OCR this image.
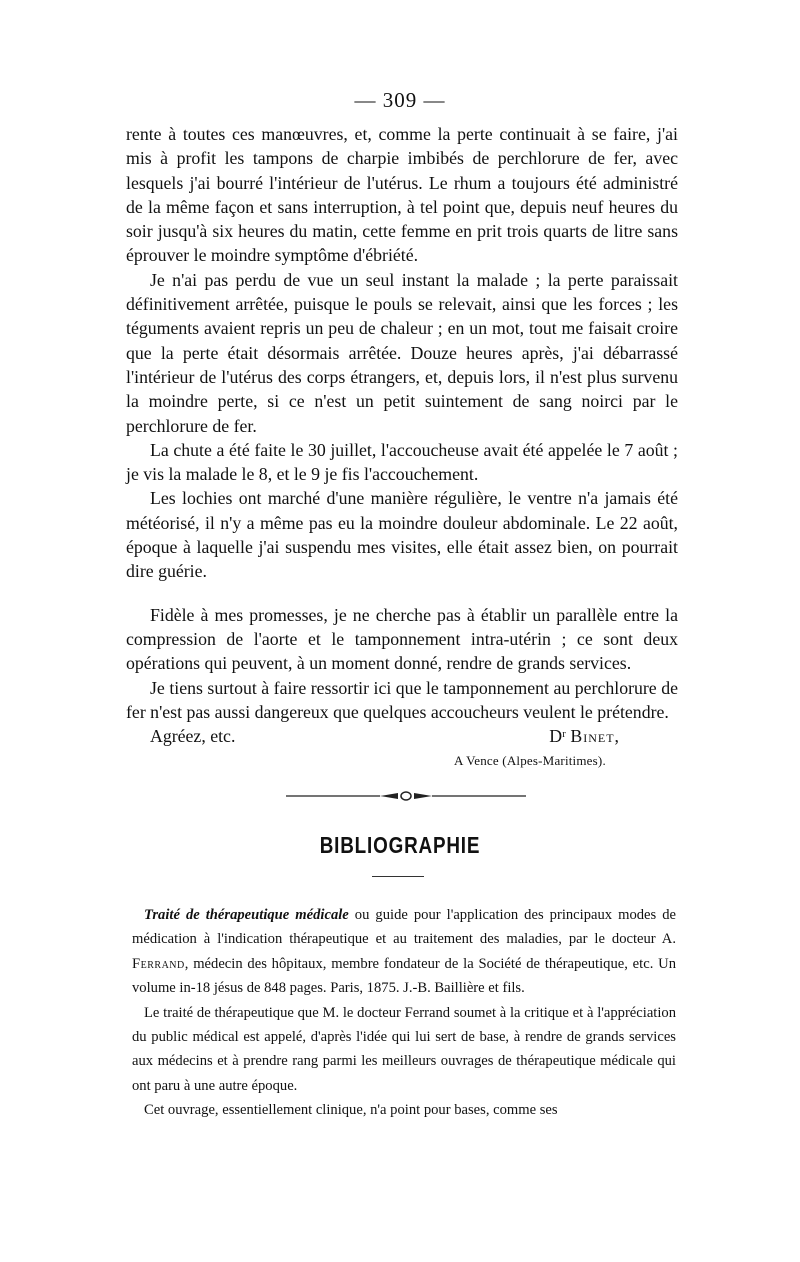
— 309 —

rente à toutes ces manœuvres, et, comme la perte continuait à se faire, j'ai mis à profit les tampons de charpie imbibés de perchlorure de fer, avec lesquels j'ai bourré l'intérieur de l'utérus. Le rhum a toujours été administré de la même façon et sans interruption, à tel point que, depuis neuf heures du soir jusqu'à six heures du matin, cette femme en prit trois quarts de litre sans éprouver le moindre symptôme d'ébriété.

Je n'ai pas perdu de vue un seul instant la malade ; la perte paraissait définitivement arrêtée, puisque le pouls se relevait, ainsi que les forces ; les téguments avaient repris un peu de chaleur ; en un mot, tout me faisait croire que la perte était désormais arrêtée. Douze heures après, j'ai débarrassé l'intérieur de l'utérus des corps étrangers, et, depuis lors, il n'est plus survenu la moindre perte, si ce n'est un petit suintement de sang noirci par le perchlorure de fer.

La chute a été faite le 30 juillet, l'accoucheuse avait été appelée le 7 août ; je vis la malade le 8, et le 9 je fis l'accouchement.

Les lochies ont marché d'une manière régulière, le ventre n'a jamais été météorisé, il n'y a même pas eu la moindre douleur abdominale. Le 22 août, époque à laquelle j'ai suspendu mes visites, elle était assez bien, on pourrait dire guérie.

Fidèle à mes promesses, je ne cherche pas à établir un parallèle entre la compression de l'aorte et le tamponnement intra-utérin ; ce sont deux opérations qui peuvent, à un moment donné, rendre de grands services.

Je tiens surtout à faire ressortir ici que le tamponnement au perchlorure de fer n'est pas aussi dangereux que quelques accoucheurs veulent le prétendre.

Agréez, etc.	Dʳ Binet,
A Vence (Alpes-Maritimes).
BIBLIOGRAPHIE

Traité de thérapeutique médicale ou guide pour l'application des principaux modes de médication à l'indication thérapeutique et au traitement des maladies, par le docteur A. Ferrand, médecin des hôpitaux, membre fondateur de la Société de thérapeutique, etc. Un volume in-18 jésus de 848 pages. Paris, 1875. J.-B. Baillière et fils.

Le traité de thérapeutique que M. le docteur Ferrand soumet à la critique et à l'appréciation du public médical est appelé, d'après l'idée qui lui sert de base, à rendre de grands services aux médecins et à prendre rang parmi les meilleurs ouvrages de thérapeutique médicale qui ont paru à une autre époque.

Cet ouvrage, essentiellement clinique, n'a point pour bases, comme ses
